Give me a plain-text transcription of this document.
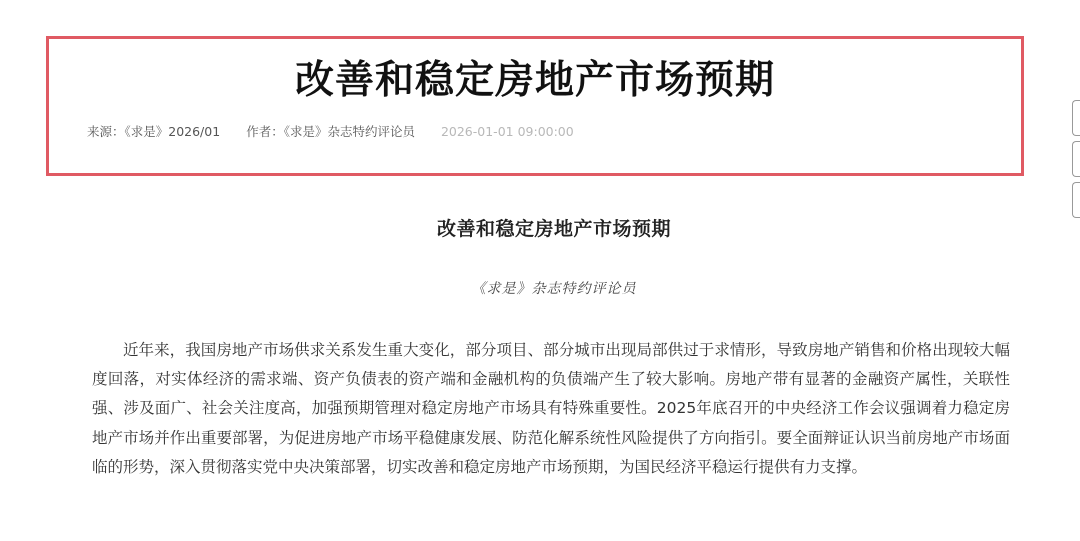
改善和稳定房地产市场预期
来源：《求是》2026/01 作者：《求是》杂志特约评论员 2026-01-01 09:00:00
改善和稳定房地产市场预期
《求是》杂志特约评论员

近年来，我国房地产市场供求关系发生重大变化，部分项目、部分城市出现局部供过于求情形，导致房地产销售和价格出现较大幅度回落，对实体经济的需求端、资产负债表的资产端和金融机构的负债端产生了较大影响。房地产带有显著的金融资产属性，关联性强、涉及面广、社会关注度高，加强预期管理对稳定房地产市场具有特殊重要性。2025年底召开的中央经济工作会议强调着力稳定房地产市场并作出重要部署，为促进房地产市场平稳健康发展、防范化解系统性风险提供了方向指引。要全面辩证认识当前房地产市场面临的形势，深入贯彻落实党中央决策部署，切实改善和稳定房地产市场预期，为国民经济平稳运行提供有力支撑。
